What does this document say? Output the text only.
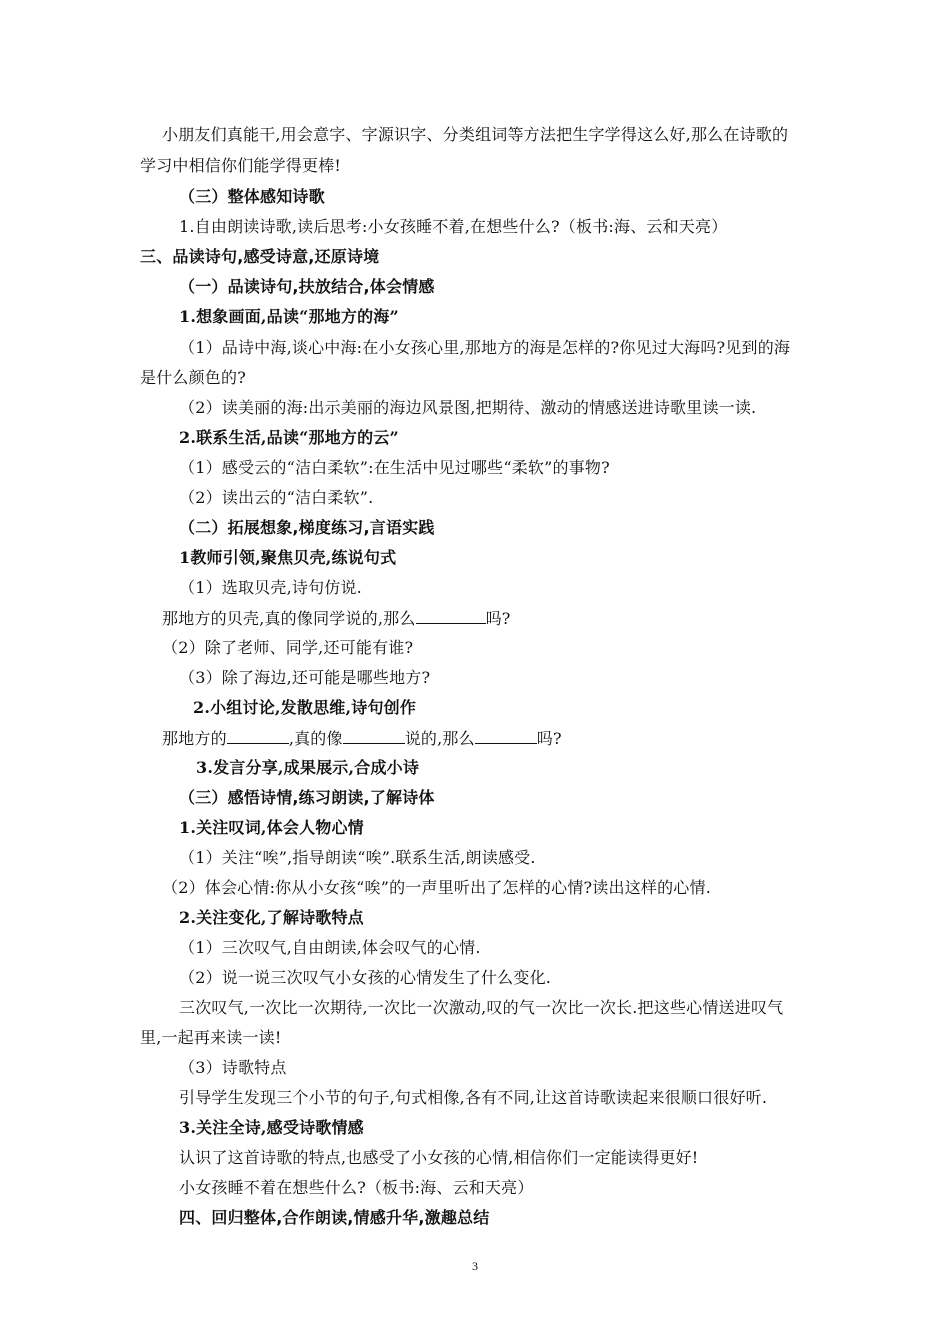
小朋友们真能干,用会意字、字源识字、分类组词等方法把生字学得这么好,那么在诗歌的
学习中相信你们能学得更棒!
（三）整体感知诗歌
1.自由朗读诗歌,读后思考:小女孩睡不着,在想些什么?（板书:海、云和天亮）
三、品读诗句,感受诗意,还原诗境
（一）品读诗句,扶放结合,体会情感
1.想象画面,品读“那地方的海”
（1）品诗中海,谈心中海:在小女孩心里,那地方的海是怎样的?你见过大海吗?见到的海
是什么颜色的?
（2）读美丽的海:出示美丽的海边风景图,把期待、激动的情感送进诗歌里读一读.
2.联系生活,品读“那地方的云”
（1）感受云的“洁白柔软”:在生活中见过哪些“柔软”的事物?
（2）读出云的“洁白柔软”.
（二）拓展想象,梯度练习,言语实践
1教师引领,聚焦贝壳,练说句式
（1）选取贝壳,诗句仿说.
那地方的贝壳,真的像同学说的,那么	吗?
（2）除了老师、同学,还可能有谁?
（3）除了海边,还可能是哪些地方?
2.小组讨论,发散思维,诗句创作
那地方的	,真的像	说的,那么	吗?
3.发言分享,成果展示,合成小诗
（三）感悟诗情,练习朗读,了解诗体
1.关注叹词,体会人物心情
（1）关注“唉”,指导朗读“唉”.联系生活,朗读感受.
（2）体会心情:你从小女孩“唉”的一声里听出了怎样的心情?读出这样的心情.
2.关注变化,了解诗歌特点
（1）三次叹气,自由朗读,体会叹气的心情.
（2）说一说三次叹气小女孩的心情发生了什么变化.
三次叹气,一次比一次期待,一次比一次激动,叹的气一次比一次长.把这些心情送进叹气
里,一起再来读一读!
（3）诗歌特点
引导学生发现三个小节的句子,句式相像,各有不同,让这首诗歌读起来很顺口很好听.
3.关注全诗,感受诗歌情感
认识了这首诗歌的特点,也感受了小女孩的心情,相信你们一定能读得更好!
小女孩睡不着在想些什么?（板书:海、云和天亮）
四、回归整体,合作朗读,情感升华,激趣总结
3
